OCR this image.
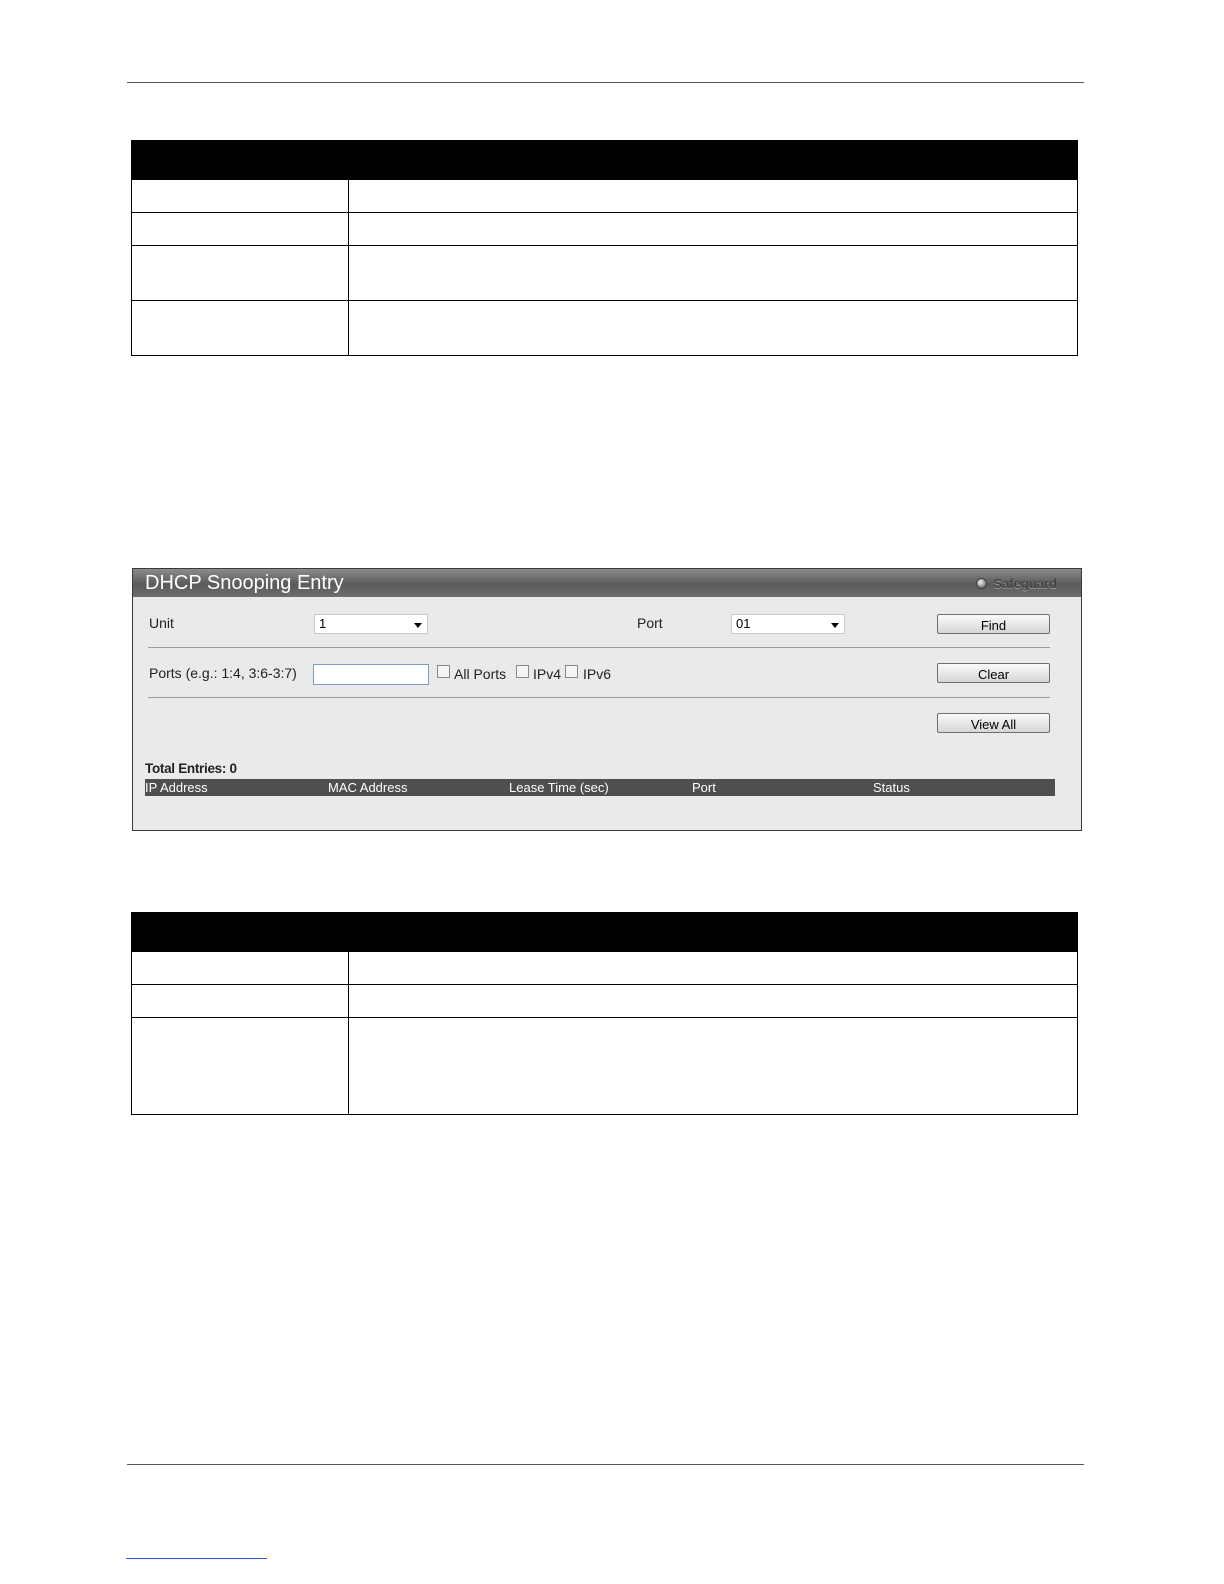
DHCP Snooping Entry	Safeguard
Unit	1	Port	01	Find
Ports (e.g.: 1:4, 3:6-3:7)	All Ports IPv4 IPv6	Clear
View All
Total Entries: 0
IP Address	MAC Address	Lease Time (sec)	Port	Status
